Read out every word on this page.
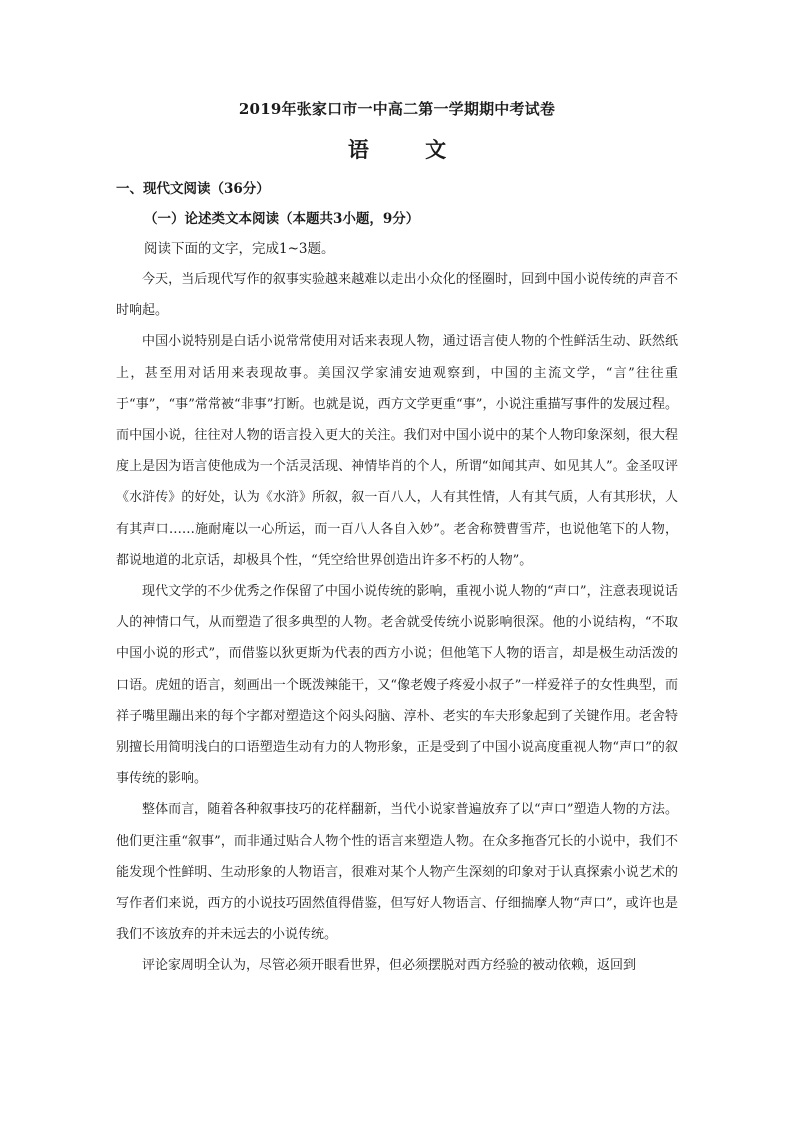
2019年张家口市一中高二第一学期期中考试卷
语　 文
一、现代文阅读（36分）
（一）论述类文本阅读（本题共3小题，9分）
阅读下面的文字，完成1~3题。

今天，当后现代写作的叙事实验越来越难以走出小众化的怪圈时，回到中国小说传统的声音不时响起。

中国小说特别是白话小说常常使用对话来表现人物，通过语言使人物的个性鲜活生动、跃然纸上，甚至用对话用来表现故事。美国汉学家浦安迪观察到，中国的主流文学，“言”往往重于“事”，“事”常常被“非事”打断。也就是说，西方文学更重“事”，小说注重描写事件的发展过程。而中国小说，往往对人物的语言投入更大的关注。我们对中国小说中的某个人物印象深刻，很大程度上是因为语言使他成为一个活灵活现、神情毕肖的个人，所谓“如闻其声、如见其人”。金圣叹评《水浒传》的好处，认为《水浒》所叙，叙一百八人，人有其性情，人有其气质，人有其形状，人有其声口……施耐庵以一心所运，而一百八人各自入妙”。老舍称赞曹雪芹，也说他笔下的人物，都说地道的北京话，却极具个性，“凭空给世界创造出许多不朽的人物”。

现代文学的不少优秀之作保留了中国小说传统的影响，重视小说人物的“声口”，注意表现说话人的神情口气，从而塑造了很多典型的人物。老舍就受传统小说影响很深。他的小说结构，“不取中国小说的形式”，而借鉴以狄更斯为代表的西方小说；但他笔下人物的语言，却是极生动活泼的口语。虎妞的语言，刻画出一个既泼辣能干，又“像老嫂子疼爱小叔子”一样爱祥子的女性典型，而祥子嘴里蹦出来的每个字都对塑造这个闷头闷脑、淳朴、老实的车夫形象起到了关键作用。老舍特别擅长用简明浅白的口语塑造生动有力的人物形象，正是受到了中国小说高度重视人物“声口”的叙事传统的影响。

整体而言，随着各种叙事技巧的花样翻新，当代小说家普遍放弃了以“声口”塑造人物的方法。他们更注重“叙事”，而非通过贴合人物个性的语言来塑造人物。在众多拖沓冗长的小说中，我们不能发现个性鲜明、生动形象的人物语言，很难对某个人物产生深刻的印象对于认真探索小说艺术的写作者们来说，西方的小说技巧固然值得借鉴，但写好人物语言、仔细揣摩人物“声口”，或许也是我们不该放弃的并未远去的小说传统。

评论家周明全认为，尽管必须开眼看世界，但必须摆脱对西方经验的被动依赖，返回到
